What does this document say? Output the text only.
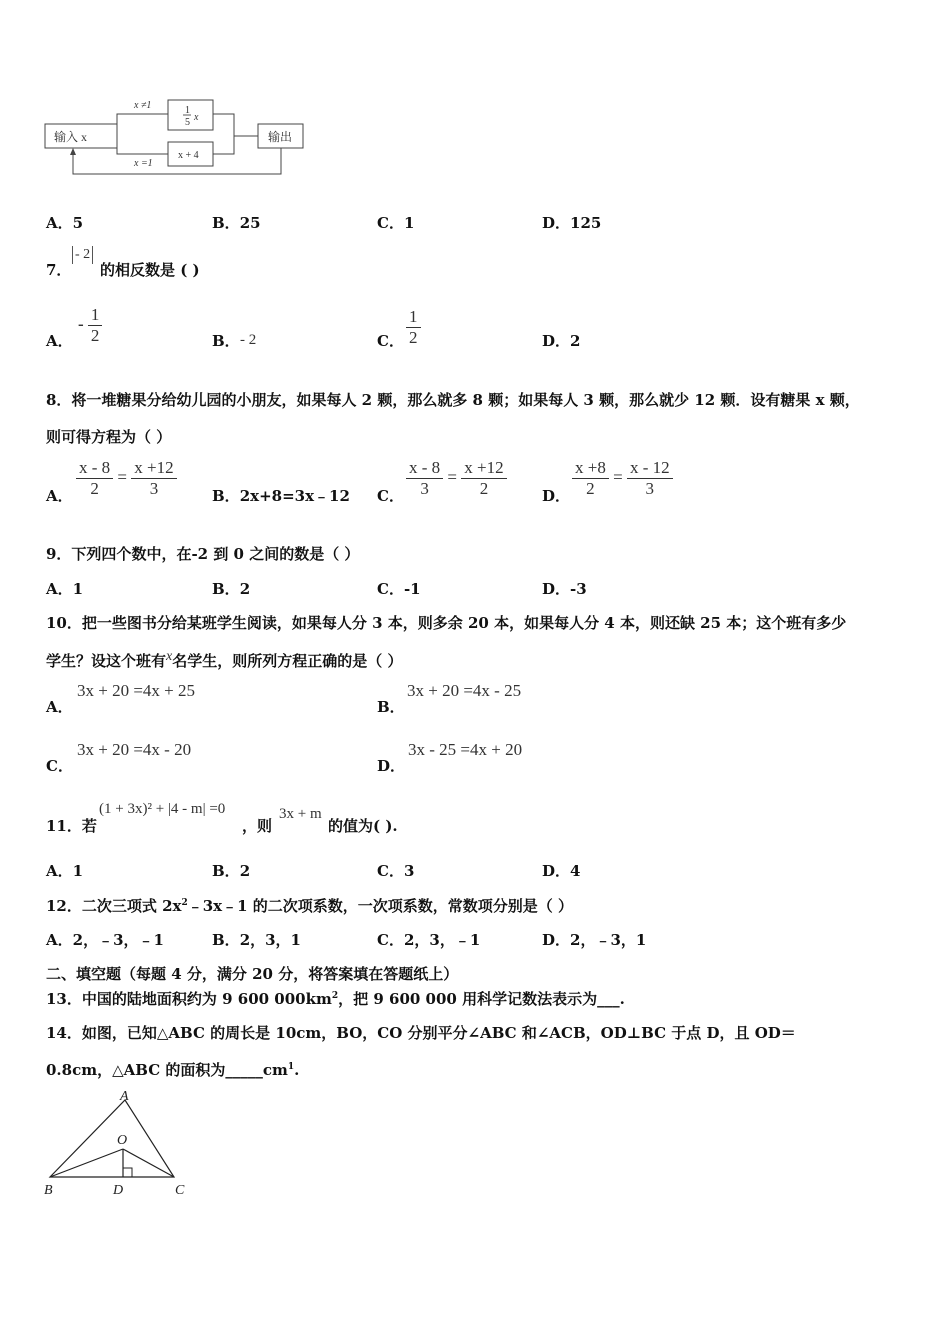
输入 x
x ≠1
x =1
1
5 x
x + 4
输出
A．5	B．25	C．1	D．125
7．
- 2
的相反数是 ( )
A．
- $\frac{1}{2}$	B． - 2	C． $\frac{1}{2}$	D．2
8．将一堆糖果分给幼儿园的小朋友，如果每人 2 颗，那么就多 8 颗；如果每人 3 颗，那么就少 12 颗．设有糖果 x 颗，
则可得方程为（ ）
A． $\frac{x - 8}{2} = \frac{x +12}{3}$ B．2x+8=3x﹣12 C． $\frac{x - 8}{3} = \frac{x +12}{2}$ D． $\frac{x +8}{2} = \frac{x - 12}{3}$
9．下列四个数中，在-2 到 0 之间的数是（ ）
A．1	B．2	C．-1	D．-3
10．把一些图书分给某班学生阅读，如果每人分 3 本，则多余 20 本，如果每人分 4 本，则还缺 25 本；这个班有多少
学生？设这个班有x名学生，则所列方程正确的是（ ）
A．
3x + 20 =4x + 25
B．
3x + 20 =4x - 25
C．
3x + 20 =4x - 20
D．
3x - 25 =4x + 20
11．若
(1 + 3x)² + |4 - m| =0
，则
3x + m
的值为( ).
A．1	B．2	C．3	D．4
12．二次三项式 $2x^2﹣3x﹣1$ 的二次项系数，一次项系数，常数项分别是（ ）
A．2，﹣3，﹣1	B．2，3，1	C．2，3，﹣1	D．2，﹣3，1
二、填空题（每题 4 分，满分 20 分，将答案填在答题纸上）
13．中国的陆地面积约为 9 600 $000km^2$，把 9 600 000 用科学记数法表示为___.
14．如图，已知△ABC 的周长是 10cm，BO，CO 分别平分∠ABC 和∠ACB，OD⊥BC 于点 D，且 OD＝
0.8cm，△ABC 的面积为$\_\_\_\_\_cm^1$.
A
O
B	D	C
